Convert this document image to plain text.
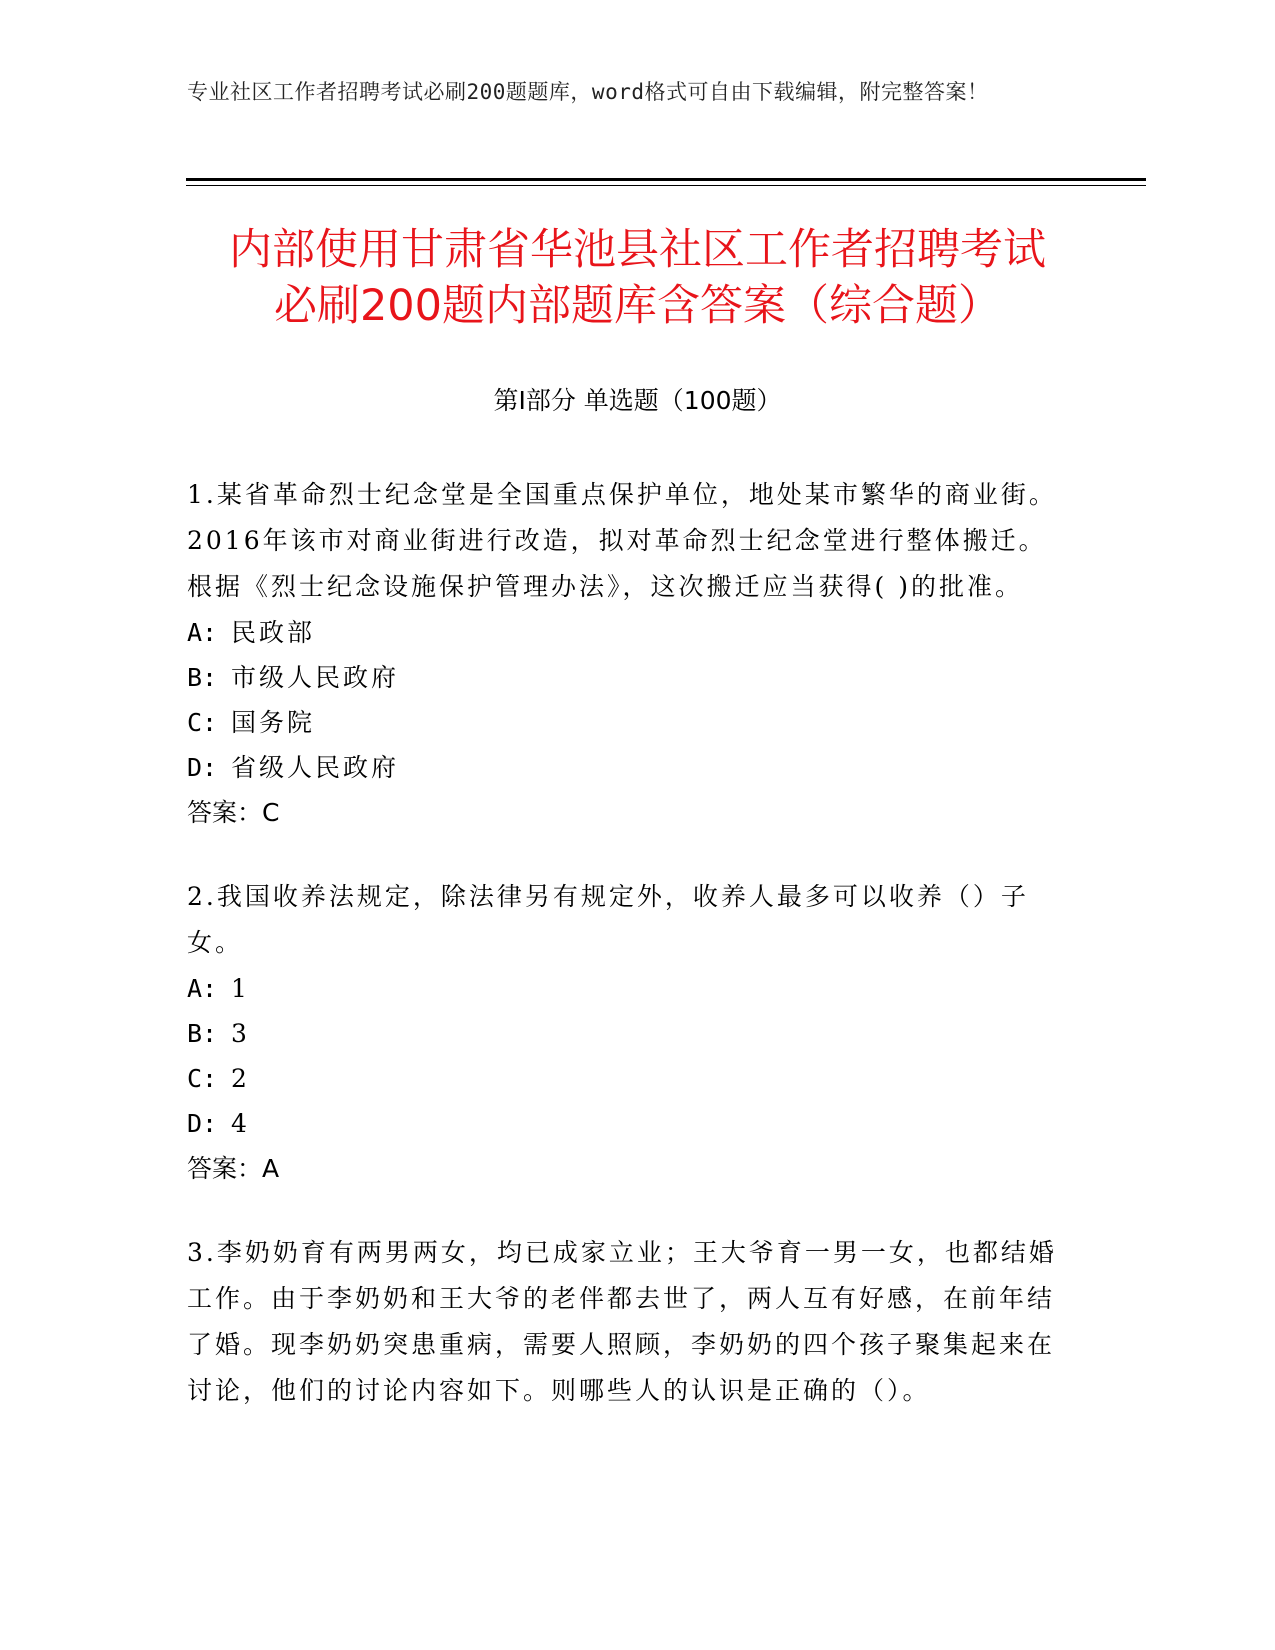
专业社区工作者招聘考试必刷200题题库，word格式可自由下载编辑，附完整答案！
内部使用甘肃省华池县社区工作者招聘考试
必刷200题内部题库含答案（综合题）
第Ⅰ部分 单选题（100题）

1.某省革命烈士纪念堂是全国重点保护单位，地处某市繁华的商业街。2016年该市对商业街进行改造，拟对革命烈士纪念堂进行整体搬迁。根据《烈士纪念设施保护管理办法》，这次搬迁应当获得( )的批准。

A: 民政部

B: 市级人民政府

C: 国务院

D: 省级人民政府

答案：C

2.我国收养法规定，除法律另有规定外，收养人最多可以收养（）子女。

A: 1

B: 3

C: 2

D: 4

答案：A

3.李奶奶育有两男两女，均已成家立业；王大爷育一男一女，也都结婚工作。由于李奶奶和王大爷的老伴都去世了，两人互有好感，在前年结了婚。现李奶奶突患重病，需要人照顾，李奶奶的四个孩子聚集起来在讨论，他们的讨论内容如下。则哪些人的认识是正确的（）。
